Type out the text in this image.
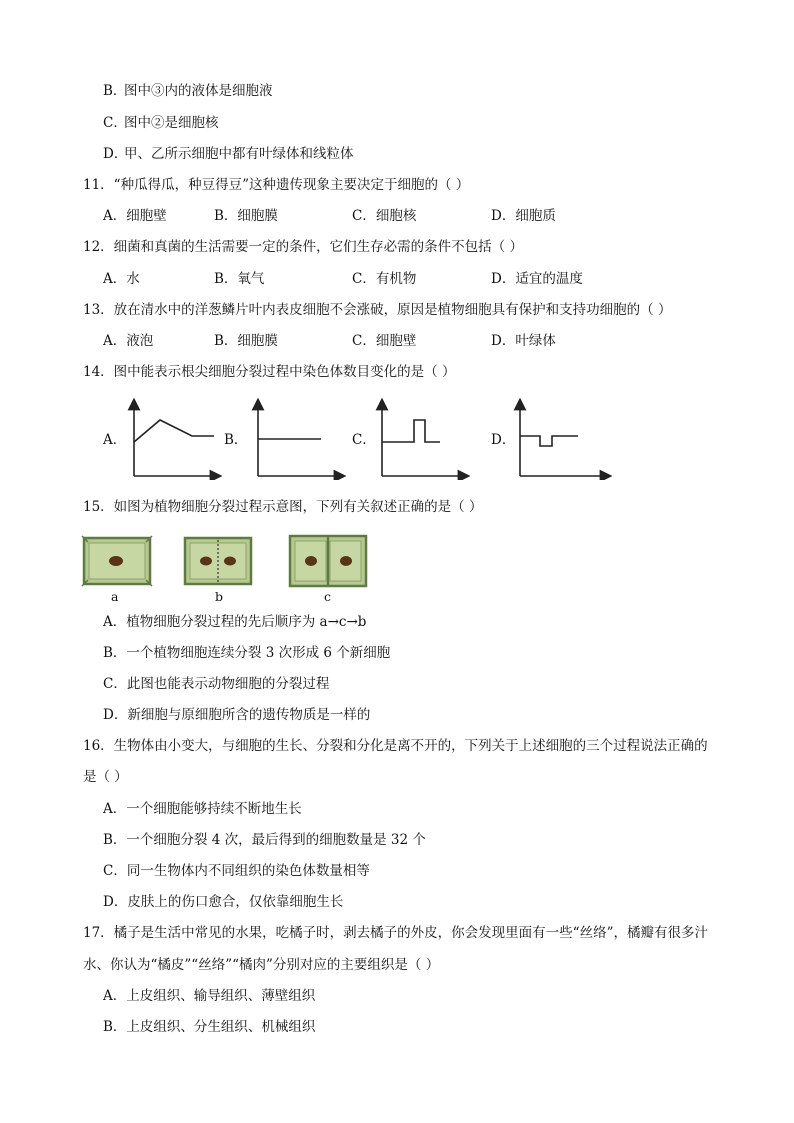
B．
图中③内的液体是细胞液
C．
图中②是细胞核
D．
甲、乙所示细胞中都有叶绿体和线粒体
11．“种瓜得瓜，种豆得豆”这种遗传现象主要决定于细胞的（ ）
A．细胞壁	B．细胞膜	C．细胞核	D．细胞质
12．细菌和真菌的生活需要一定的条件，它们生存必需的条件不包括（ ）
A．水	B．氧气	C．有机物	D．适宜的温度
13．放在清水中的洋葱鳞片叶内表皮细胞不会涨破，原因是植物细胞具有保护和支持功细胞的（ ）
A．液泡	B．细胞膜	C．细胞壁	D．叶绿体
14．图中能表示根尖细胞分裂过程中染色体数目变化的是（ ）
A．	B．	C．	D．
15．如图为植物细胞分裂过程示意图，下列有关叙述正确的是（ ）
a	b	c
A．植物细胞分裂过程的先后顺序为 a→c→b
B．一个植物细胞连续分裂 3 次形成 6 个新细胞
C．此图也能表示动物细胞的分裂过程
D．新细胞与原细胞所含的遗传物质是一样的
16．生物体由小变大，与细胞的生长、分裂和分化是离不开的，下列关于上述细胞的三个过程说法正确的
是（ ）
A．一个细胞能够持续不断地生长
B．一个细胞分裂 4 次，最后得到的细胞数量是 32 个
C．同一生物体内不同组织的染色体数量相等
D．皮肤上的伤口愈合，仅依靠细胞生长
17．橘子是生活中常见的水果，吃橘子时，剥去橘子的外皮，你会发现里面有一些“丝络”，橘瓣有很多汁
水、你认为“橘皮”“丝络”“橘肉”分别对应的主要组织是（ ）
A．上皮组织、输导组织、薄壁组织
B．上皮组织、分生组织、机械组织
